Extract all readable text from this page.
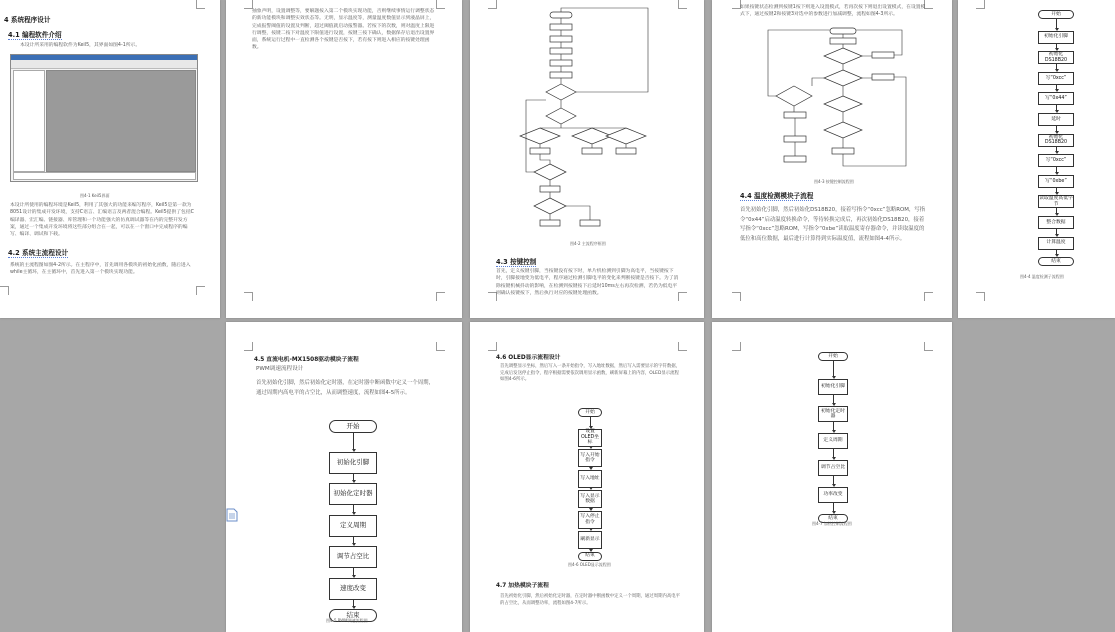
4 系统程序设计
4.1 编程软件介绍
本设计所采用的编程软件为Keil5，其界面如图4-1所示。
图4-1 Keil5界面
本设计所使用的编程环境是Keil5，利用了其强大的功能来编写程序，Keil5是第一款为8051设计的集成开发环境，支持C语言、汇编语言及两者混合编程。Keil5提供了包括C编译器、宏汇编、链接器、库管理和一个功能强大的仿真调试器等在内的完整开发方案，通过一个集成开发环境将这些部分组合在一起，可以在一个窗口中完成程序的编写、编译、调试和下载。
4.2 系统主流程设计
系统的主流程图如图4-2所示。在主程序中，首先调用各模块的初始化函数，随后进入while主循环，在主循环中，首先进入第一个模块实现功能。
抽象声明，设置调整等，要解题按入第二个模块实现功能，否则继续事情运行调整状态的新功能模块和调整实效状态等。无明，显示温度等，测量温度数值显示到液晶屏上，完成报警阈值的设置及判断，超过阈值就启动报警器。若按下的次数，则对温度上限进行调整，按键二按下对温度下限值进行设置，按键三按下确认，数据保存后退出设置界面，系统运行过程中一直检测各个按键是否按下，若有按下则进入相应的按键处理函数。
图4-2 主流程序框图
4.3 按键控制
首先，定义按键引脚，当按键没有按下时，单片机检测到引脚为高电平，当按键按下时，引脚接地变为低电平，程序通过检测引脚电平的变化来判断按键是否按下。为了消除按键机械抖动的影响，在检测到按键按下后延时10ms左右再次检测，若仍为低电平则确认按键按下，然后执行对应的按键处理函数。
如果按键状态检测到按键1按下则进入设置模式，若再次按下则退出设置模式，在设置模式下，通过按键2和按键3对选中的参数进行加减调整，流程如图4-3所示。
图4-3 按键控制流程图
4.4 温度检测模块子流程
首先初始化引脚，然后初始化DS18B20，接着写指令“0xcc”忽略ROM，写指令“0x44”启动温度转换命令，等待转换完成后，再次初始化DS18B20，接着写指令“0xcc”忽略ROM，写指令“0xbe”读取温度寄存器命令，并读取温度的低位和高位数据，最后进行计算得到实际温度值，流程如图4-4所示。
开始
初始化引脚
初始化DS18B20
写“0xcc”
写“0x44”
延时
初始化DS18B20
写“0xcc”
写“0xbe”
读取温度高低字节
整合数据
计算温度
结束
图4-4 温度检测子流程图
4.5 直流电机-MX1508驱动模块子流程
PWM调速流程设计
首先初始化引脚，然后初始化定时器，在定时器中断函数中定义一个周期，通过周期内高电平的占空比，从而调整速度，流程如图4-5所示。
开始
初始化引脚
初始化定时器
定义周期
调节占空比
速度改变
结束
图4-5 PWM调速流程图
4.6 OLED显示流程设计
首先调整显示坐标，然后写入一条开始指令，写入地址数据，然后写入需要显示的字符数据，完成后发送停止指令，程序根据需要依次调用显示函数，刷新屏幕上的内容，OLED显示流程如图4-6所示。
开始
设置OLED坐标
写入开始指令
写入地址
写入显示数据
写入停止指令
刷新显示
结束
图4-6 OLED显示流程图
4.7 加热模块子流程
首先初始化引脚，然后初始化定时器，在定时器中断函数中定义一个周期，通过周期内高电平的占空比，从而调整功率，流程如图4-7所示。
开始
初始化引脚
初始化定时器
定义周期
调节占空比
功率改变
结束
图4-7 加热控制流程图
